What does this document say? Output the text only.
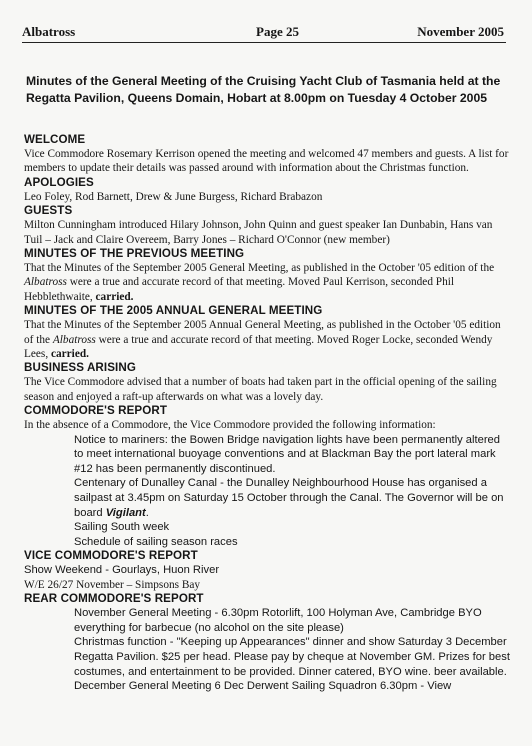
Albatross	Page 25	November 2005
Minutes of the General Meeting of the Cruising Yacht Club of Tasmania held at the Regatta Pavilion, Queens Domain, Hobart at 8.00pm on Tuesday 4 October 2005
WELCOME

Vice Commodore Rosemary Kerrison opened the meeting and welcomed 47 members and guests. A list for members to update their details was passed around with information about the Christmas function.

APOLOGIES

Leo Foley, Rod Barnett, Drew & June Burgess, Richard Brabazon

GUESTS

Milton Cunningham introduced Hilary Johnson, John Quinn and guest speaker Ian Dunbabin, Hans van Tuil – Jack and Claire Overeem, Barry Jones – Richard O'Connor (new member)

MINUTES OF THE PREVIOUS MEETING

That the Minutes of the September 2005 General Meeting, as published in the October '05 edition of the Albatross were a true and accurate record of that meeting. Moved Paul Kerrison, seconded Phil Hebblethwaite, carried.

MINUTES OF THE 2005 ANNUAL GENERAL MEETING

That the Minutes of the September 2005 Annual General Meeting, as published in the October '05 edition of the Albatross were a true and accurate record of that meeting. Moved Roger Locke, seconded Wendy Lees, carried.

BUSINESS ARISING

The Vice Commodore advised that a number of boats had taken part in the official opening of the sailing season and enjoyed a raft-up afterwards on what was a lovely day.

COMMODORE'S REPORT

In the absence of a Commodore, the Vice Commodore provided the following information:

Notice to mariners: the Bowen Bridge navigation lights have been permanently altered to meet international buoyage conventions and at Blackman Bay the port lateral mark #12 has been permanently discontinued.

Centenary of Dunalley Canal - the Dunalley Neighbourhood House has organised a sailpast at 3.45pm on Saturday 15 October through the Canal. The Governor will be on board Vigilant.

Sailing South week

Schedule of sailing season races

VICE COMMODORE'S REPORT

Show Weekend - Gourlays, Huon River

W/E 26/27 November – Simpsons Bay

REAR COMMODORE'S REPORT

November General Meeting - 6.30pm Rotorlift, 100 Holyman Ave, Cambridge BYO everything for barbecue (no alcohol on the site please)

Christmas function - "Keeping up Appearances" dinner and show Saturday 3 December Regatta Pavilion. $25 per head. Please pay by cheque at November GM. Prizes for best costumes, and entertainment to be provided. Dinner catered, BYO wine. beer available.

December General Meeting 6 Dec Derwent Sailing Squadron 6.30pm - View
